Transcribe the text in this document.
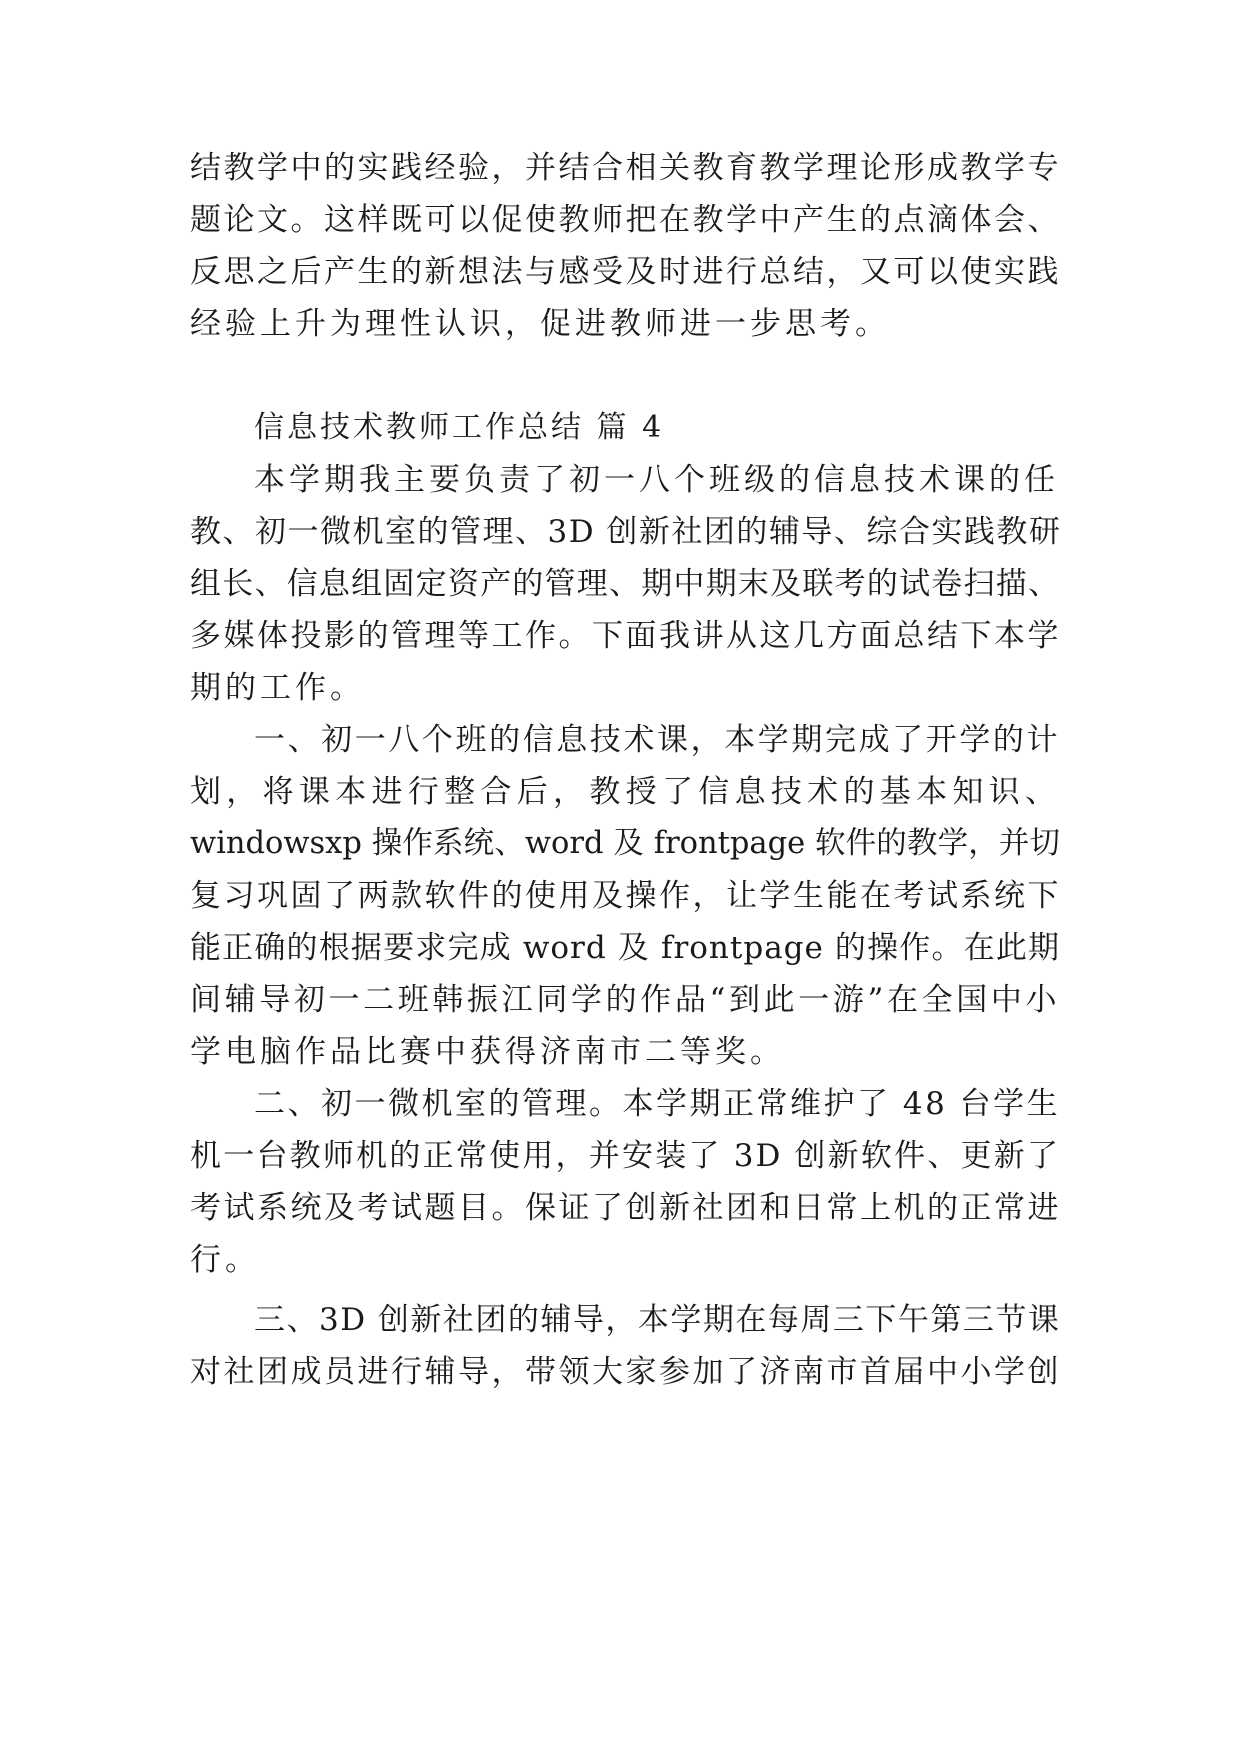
结教学中的实践经验，并结合相关教育教学理论形成教学专
题论文。这样既可以促使教师把在教学中产生的点滴体会、
反思之后产生的新想法与感受及时进行总结，又可以使实践
经验上升为理性认识，促进教师进一步思考。
信息技术教师工作总结 篇 4
本学期我主要负责了初一八个班级的信息技术课的任
教、初一微机室的管理、3D 创新社团的辅导、综合实践教研
组长、信息组固定资产的管理、期中期末及联考的试卷扫描、
多媒体投影的管理等工作。下面我讲从这几方面总结下本学
期的工作。
一、初一八个班的信息技术课，本学期完成了开学的计
划，将课本进行整合后，教授了信息技术的基本知识、
windowsxp 操作系统、word 及 frontpage 软件的教学，并切
复习巩固了两款软件的使用及操作，让学生能在考试系统下
能正确的根据要求完成 word 及 frontpage 的操作。在此期
间辅导初一二班韩振江同学的作品“到此一游”在全国中小
学电脑作品比赛中获得济南市二等奖。
二、初一微机室的管理。本学期正常维护了 48 台学生
机一台教师机的正常使用，并安装了 3D 创新软件、更新了
考试系统及考试题目。保证了创新社团和日常上机的正常进
行。
三、3D 创新社团的辅导，本学期在每周三下午第三节课
对社团成员进行辅导，带领大家参加了济南市首届中小学创
